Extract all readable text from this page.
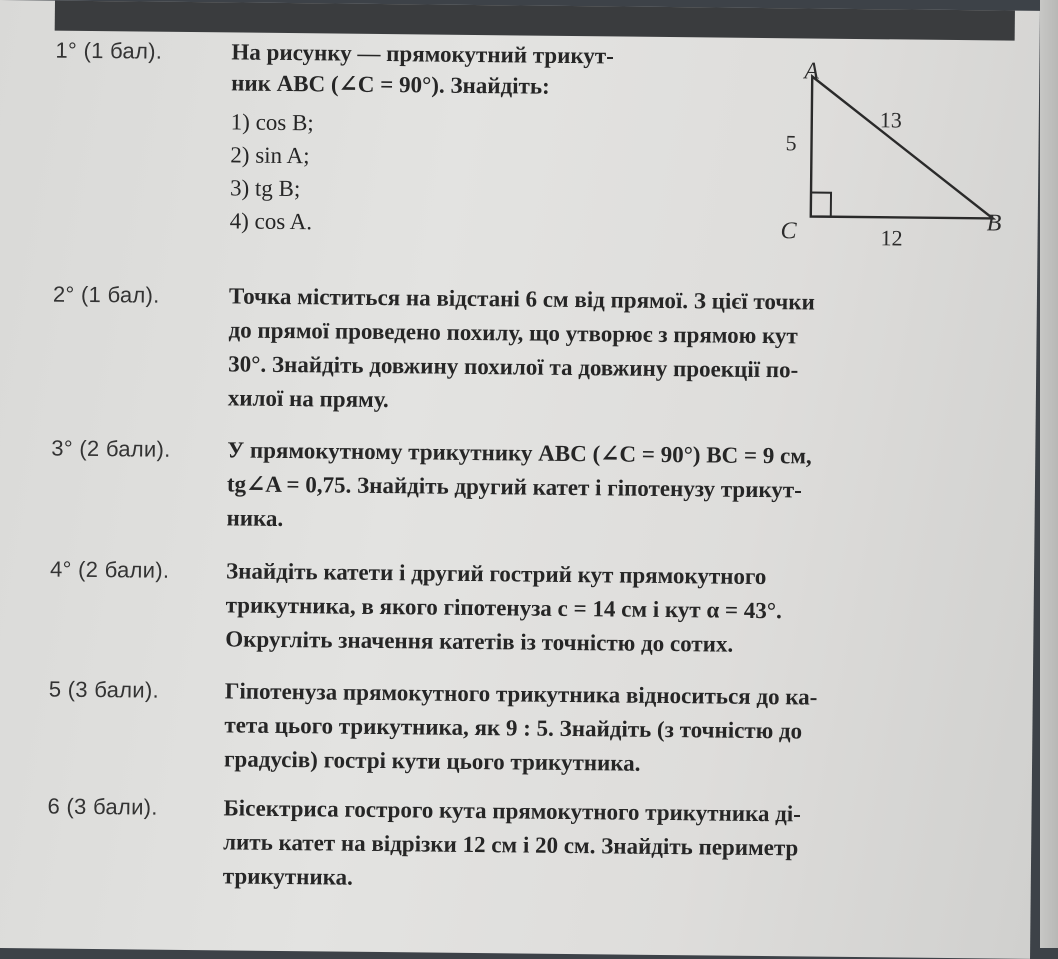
1° (1 бал).	На рисунку — прямокутний трикут-
ник ABC (∠C = 90°). Знайдіть:
1) cos B;
2) sin A;
3) tg B;
4) cos A.
A
B
C
5
13
12
2° (1 бал).	Точка міститься на відстані 6 см від прямої. З цієї точки
до прямої проведено похилу, що утворює з прямою кут
30°. Знайдіть довжину похилої та довжину проекції по-
хилої на пряму.
3° (2 бали). У прямокутному трикутнику ABC (∠C = 90°) BC = 9 см,
tg∠A = 0,75. Знайдіть другий катет і гіпотенузу трикут-
ника.
4° (2 бали). Знайдіть катети і другий гострий кут прямокутного
трикутника, в якого гіпотенуза c = 14 см і кут α = 43°.
Округліть значення катетів із точністю до сотих.
5 (3 бали).	Гіпотенуза прямокутного трикутника відноситься до ка-
тета цього трикутника, як 9 : 5. Знайдіть (з точністю до
градусів) гострі кути цього трикутника.
6 (3 бали).	Бісектриса гострого кута прямокутного трикутника ді-
лить катет на відрізки 12 см і 20 см. Знайдіть периметр
трикутника.
